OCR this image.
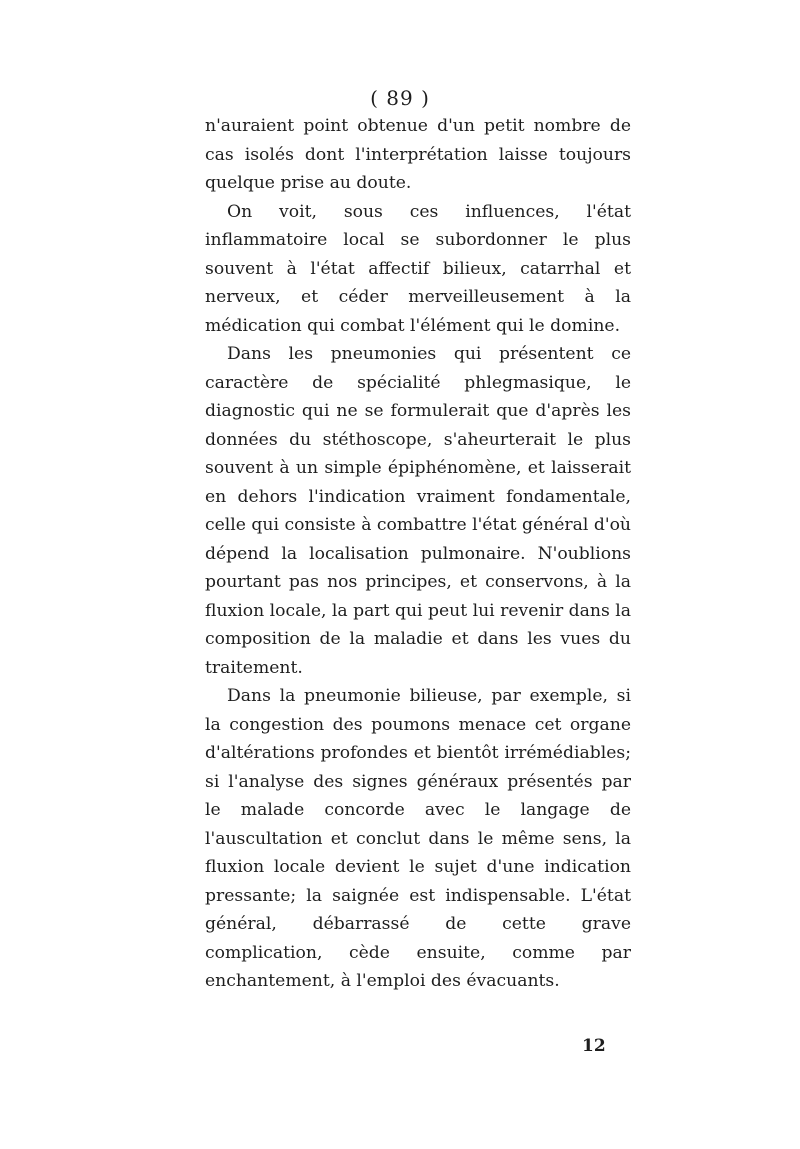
( 89 )

n'auraient point obtenue d'un petit nombre de cas isolés dont l'interprétation laisse toujours quelque prise au doute.

On voit, sous ces influences, l'état inflammatoire local se subordonner le plus souvent à l'état affectif bilieux, catarrhal et nerveux, et céder merveilleusement à la médication qui combat l'élément qui le domine.

Dans les pneumonies qui présentent ce caractère de spécialité phlegmasique, le diagnostic qui ne se formulerait que d'après les données du stéthoscope, s'aheurterait le plus souvent à un simple épiphénomène, et laisserait en dehors l'indication vraiment fondamentale, celle qui consiste à combattre l'état général d'où dépend la localisation pulmonaire. N'oublions pourtant pas nos principes, et conservons, à la fluxion locale, la part qui peut lui revenir dans la composition de la maladie et dans les vues du traitement.

Dans la pneumonie bilieuse, par exemple, si la congestion des poumons menace cet organe d'altérations profondes et bientôt irrémédiables; si l'analyse des signes généraux présentés par le malade concorde avec le langage de l'auscultation et conclut dans le même sens, la fluxion locale devient le sujet d'une indication pressante; la saignée est indispensable. L'état général, débarrassé de cette grave complication, cède ensuite, comme par enchantement, à l'emploi des évacuants.

12
